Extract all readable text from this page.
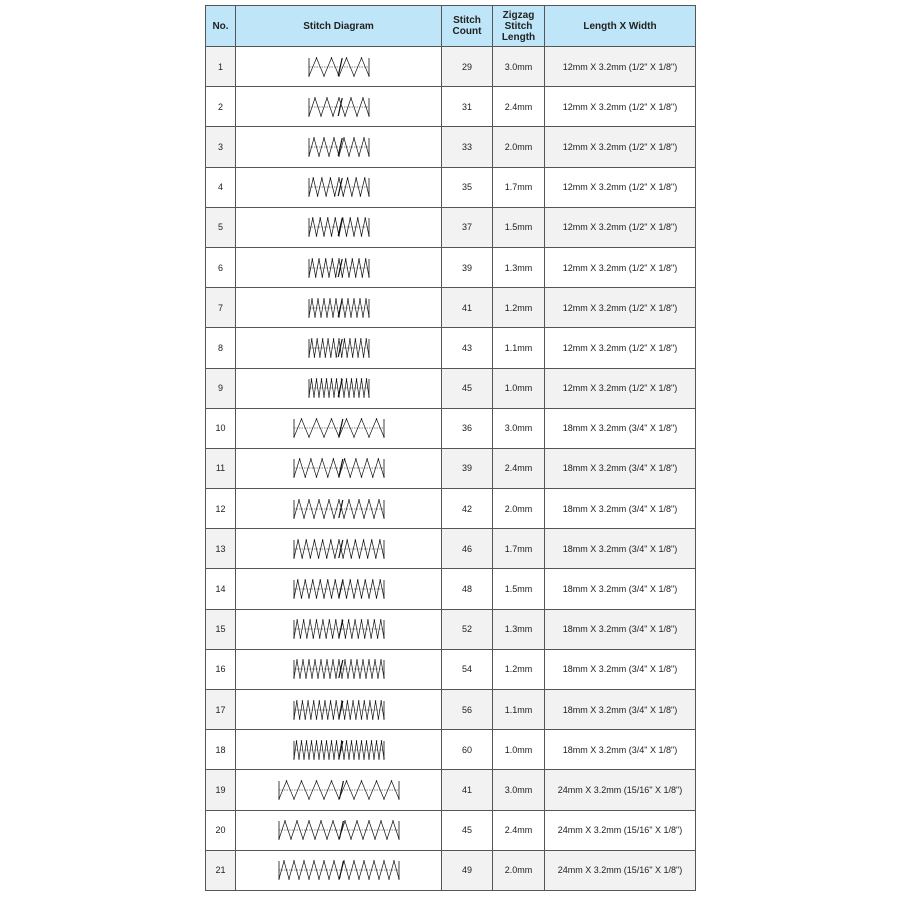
No.	Stitch Diagram	Stitch
Count	Zigzag
Stitch
Length	Length X Width
1		29	3.0mm	12mm X 3.2mm (1/2" X 1/8")
2		31	2.4mm	12mm X 3.2mm (1/2" X 1/8")
3		33	2.0mm	12mm X 3.2mm (1/2" X 1/8")
4		35	1.7mm	12mm X 3.2mm (1/2" X 1/8")
5		37	1.5mm	12mm X 3.2mm (1/2" X 1/8")
6		39	1.3mm	12mm X 3.2mm (1/2" X 1/8")
7		41	1.2mm	12mm X 3.2mm (1/2" X 1/8")
8		43	1.1mm	12mm X 3.2mm (1/2" X 1/8")
9		45	1.0mm	12mm X 3.2mm (1/2" X 1/8")
10		36	3.0mm	18mm X 3.2mm (3/4" X 1/8")
11		39	2.4mm	18mm X 3.2mm (3/4" X 1/8")
12		42	2.0mm	18mm X 3.2mm (3/4" X 1/8")
13		46	1.7mm	18mm X 3.2mm (3/4" X 1/8")
14		48	1.5mm	18mm X 3.2mm (3/4" X 1/8")
15		52	1.3mm	18mm X 3.2mm (3/4" X 1/8")
16		54	1.2mm	18mm X 3.2mm (3/4" X 1/8")
17		56	1.1mm	18mm X 3.2mm (3/4" X 1/8")
18		60	1.0mm	18mm X 3.2mm (3/4" X 1/8")
19		41	3.0mm	24mm X 3.2mm (15/16" X 1/8")
20		45	2.4mm	24mm X 3.2mm (15/16" X 1/8")
21		49	2.0mm	24mm X 3.2mm (15/16" X 1/8")
